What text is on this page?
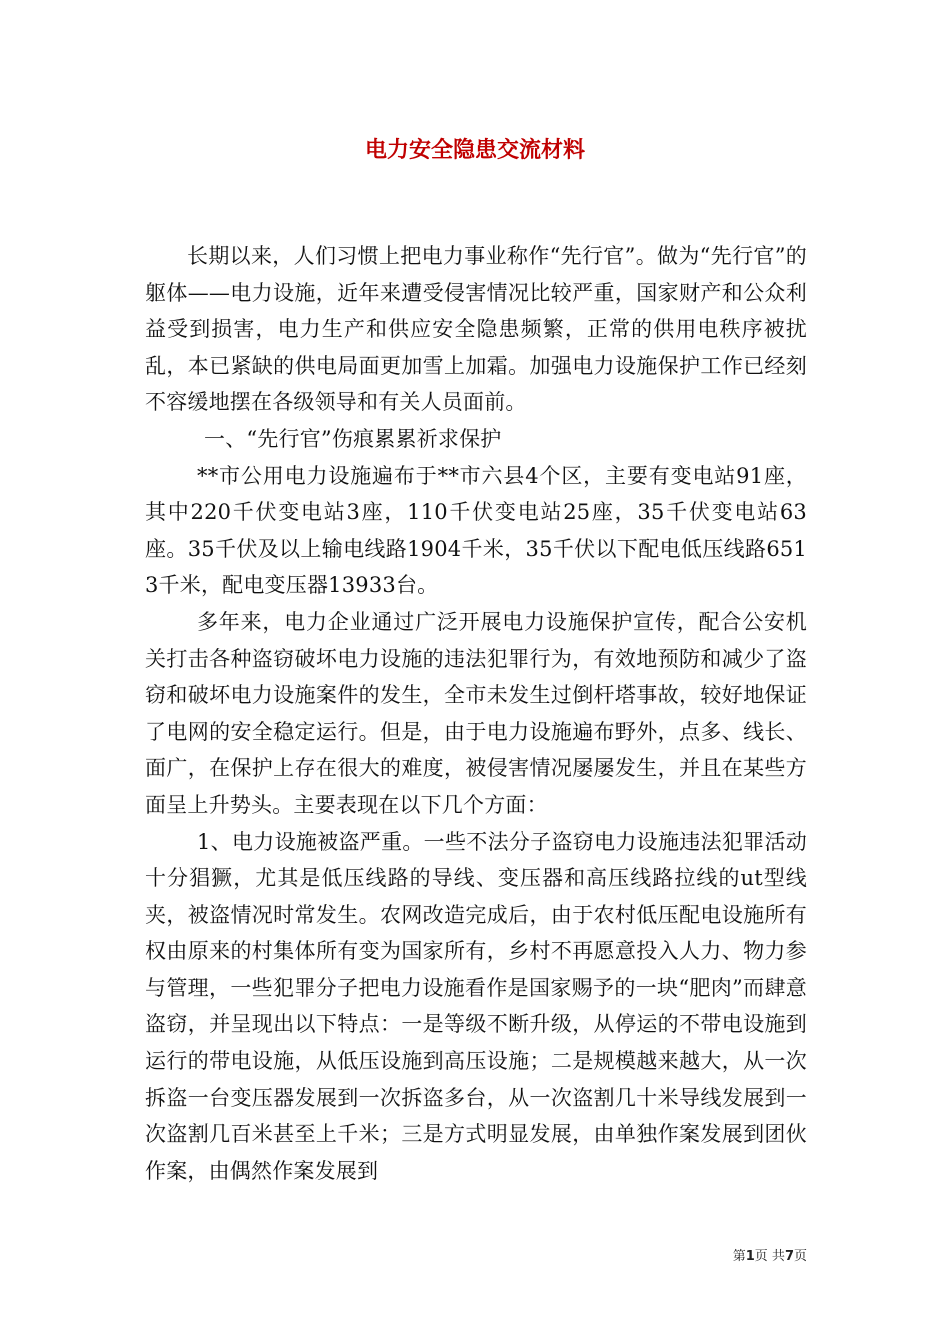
电力安全隐患交流材料

长期以来，人们习惯上把电力事业称作“先行官”。做为“先行官”的躯体——电力设施，近年来遭受侵害情况比较严重，国家财产和公众利益受到损害，电力生产和供应安全隐患频繁，正常的供用电秩序被扰乱，本已紧缺的供电局面更加雪上加霜。加强电力设施保护工作已经刻不容缓地摆在各级领导和有关人员面前。

一、“先行官”伤痕累累祈求保护

**市公用电力设施遍布于**市六县4个区，主要有变电站91座，其中220千伏变电站3座，110千伏变电站25座，35千伏变电站63座。35千伏及以上输电线路1904千米，35千伏以下配电低压线路6513千米，配电变压器13933台。

多年来，电力企业通过广泛开展电力设施保护宣传，配合公安机关打击各种盗窃破坏电力设施的违法犯罪行为，有效地预防和减少了盗窃和破坏电力设施案件的发生，全市未发生过倒杆塔事故，较好地保证了电网的安全稳定运行。但是，由于电力设施遍布野外，点多、线长、面广，在保护上存在很大的难度，被侵害情况屡屡发生，并且在某些方面呈上升势头。主要表现在以下几个方面：

1、电力设施被盗严重。一些不法分子盗窃电力设施违法犯罪活动十分猖獗，尤其是低压线路的导线、变压器和高压线路拉线的ut型线夹，被盗情况时常发生。农网改造完成后，由于农村低压配电设施所有权由原来的村集体所有变为国家所有，乡村不再愿意投入人力、物力参与管理，一些犯罪分子把电力设施看作是国家赐予的一块“肥肉”而肆意盗窃，并呈现出以下特点：一是等级不断升级，从停运的不带电设施到运行的带电设施，从低压设施到高压设施；二是规模越来越大，从一次拆盗一台变压器发展到一次拆盗多台，从一次盗割几十米导线发展到一次盗割几百米甚至上千米；三是方式明显发展，由单独作案发展到团伙作案，由偶然作案发展到

第1页 共7页
